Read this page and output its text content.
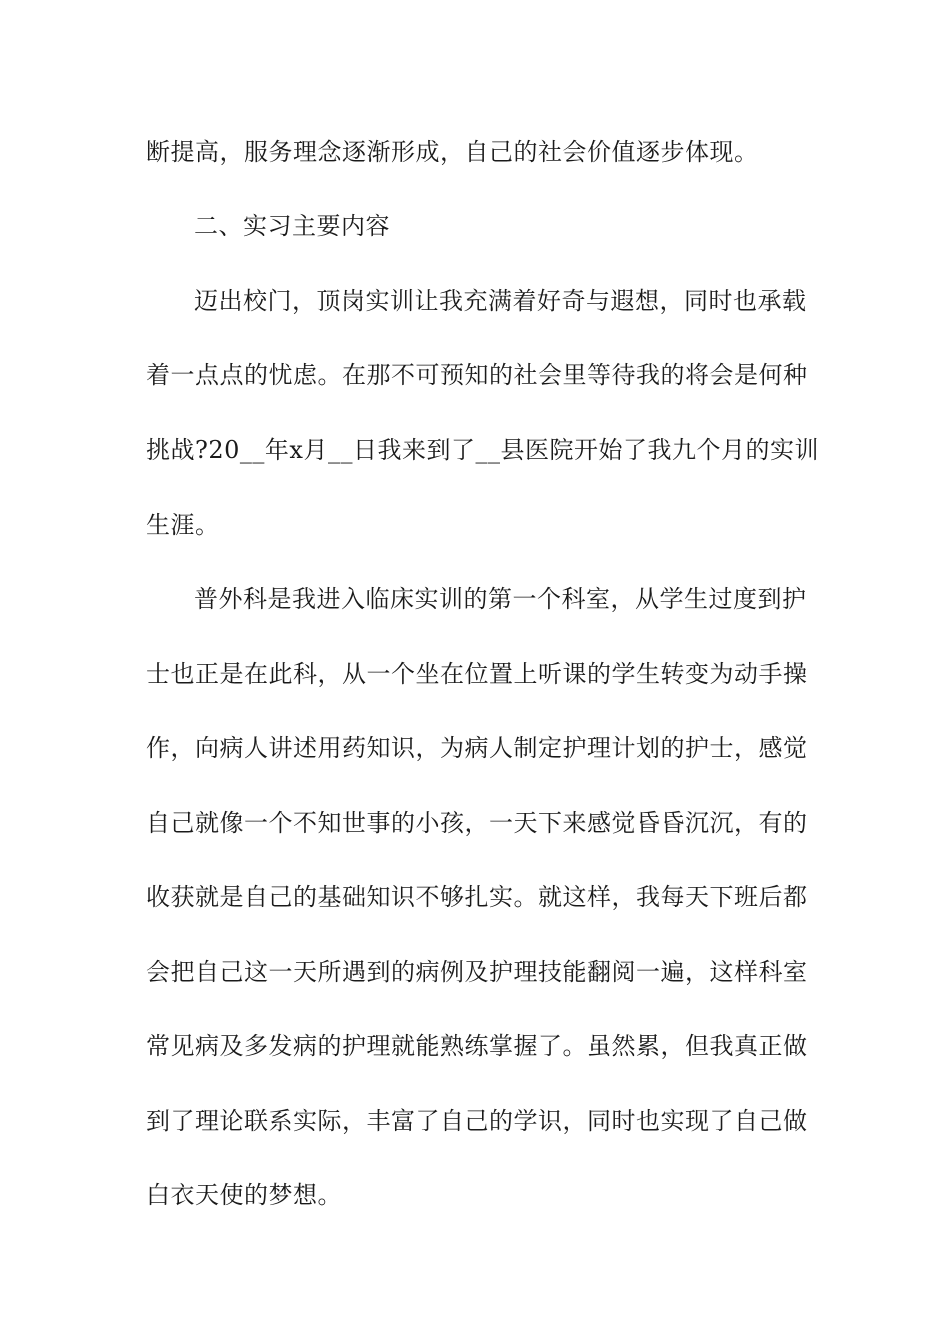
断提高，服务理念逐渐形成，自己的社会价值逐步体现。
二、实习主要内容
迈出校门，顶岗实训让我充满着好奇与遐想，同时也承载
着一点点的忧虑。在那不可预知的社会里等待我的将会是何种
挑战?20__年x月__日我来到了__县医院开始了我九个月的实训
生涯。
普外科是我进入临床实训的第一个科室，从学生过度到护
士也正是在此科，从一个坐在位置上听课的学生转变为动手操
作，向病人讲述用药知识，为病人制定护理计划的护士，感觉
自己就像一个不知世事的小孩，一天下来感觉昏昏沉沉，有的
收获就是自己的基础知识不够扎实。就这样，我每天下班后都
会把自己这一天所遇到的病例及护理技能翻阅一遍，这样科室
常见病及多发病的护理就能熟练掌握了。虽然累，但我真正做
到了理论联系实际，丰富了自己的学识，同时也实现了自己做
白衣天使的梦想。
